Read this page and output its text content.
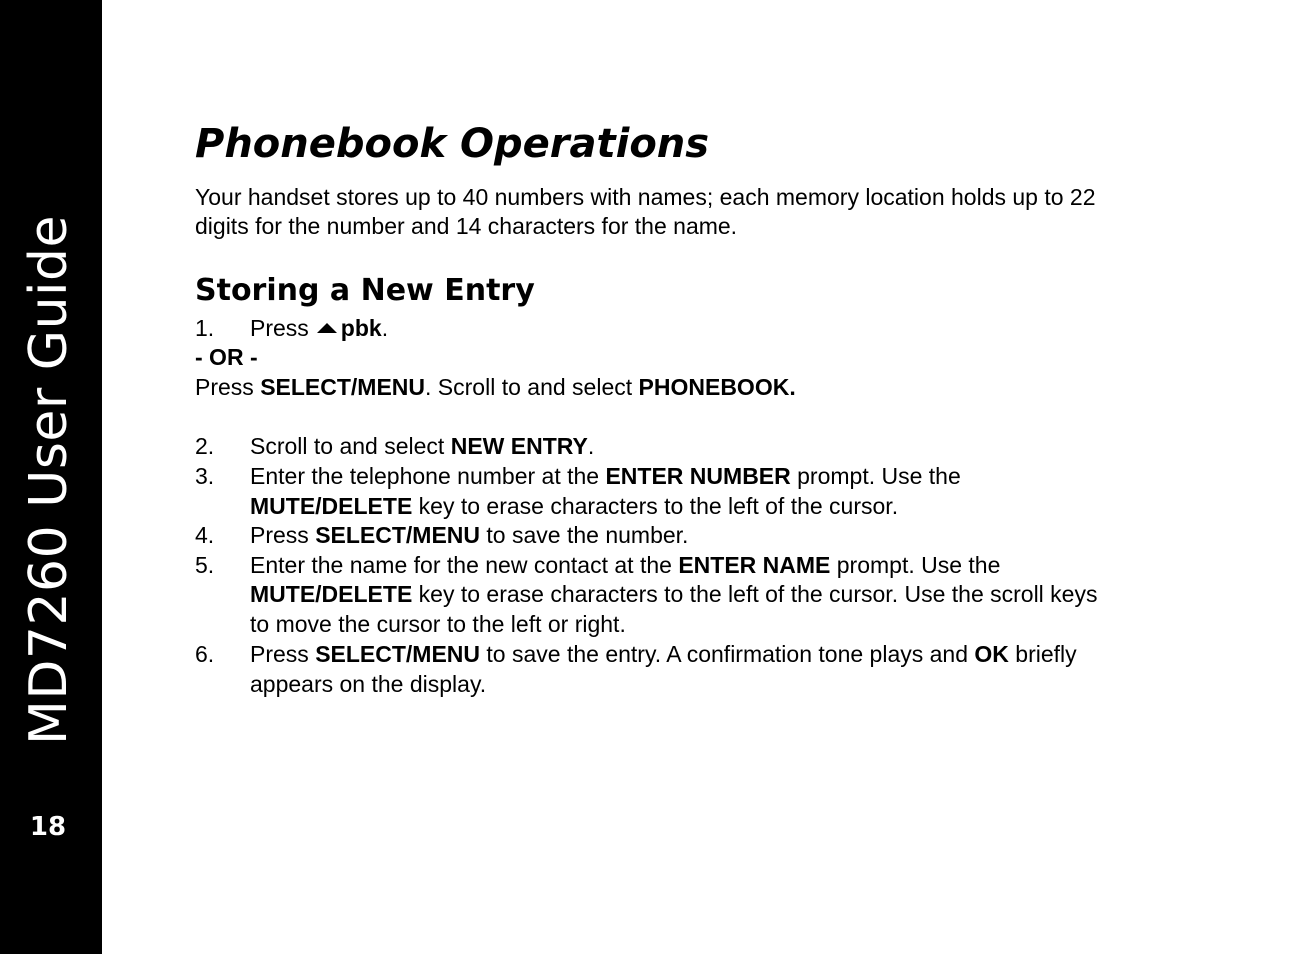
MD7260 User Guide
18
Phonebook Operations
Your handset stores up to 40 numbers with names; each memory location holds up to 22
digits for the number and 14 characters for the name.
Storing a New Entry
1. Press pbk.
- OR -
Press SELECT/MENU. Scroll to and select PHONEBOOK.
2. Scroll to and select NEW ENTRY.
3. Enter the telephone number at the ENTER NUMBER prompt. Use the
MUTE/DELETE key to erase characters to the left of the cursor.
4. Press SELECT/MENU to save the number.
5. Enter the name for the new contact at the ENTER NAME prompt. Use the
MUTE/DELETE key to erase characters to the left of the cursor. Use the scroll keys
to move the cursor to the left or right.
6. Press SELECT/MENU to save the entry. A confirmation tone plays and OK briefly
appears on the display.
